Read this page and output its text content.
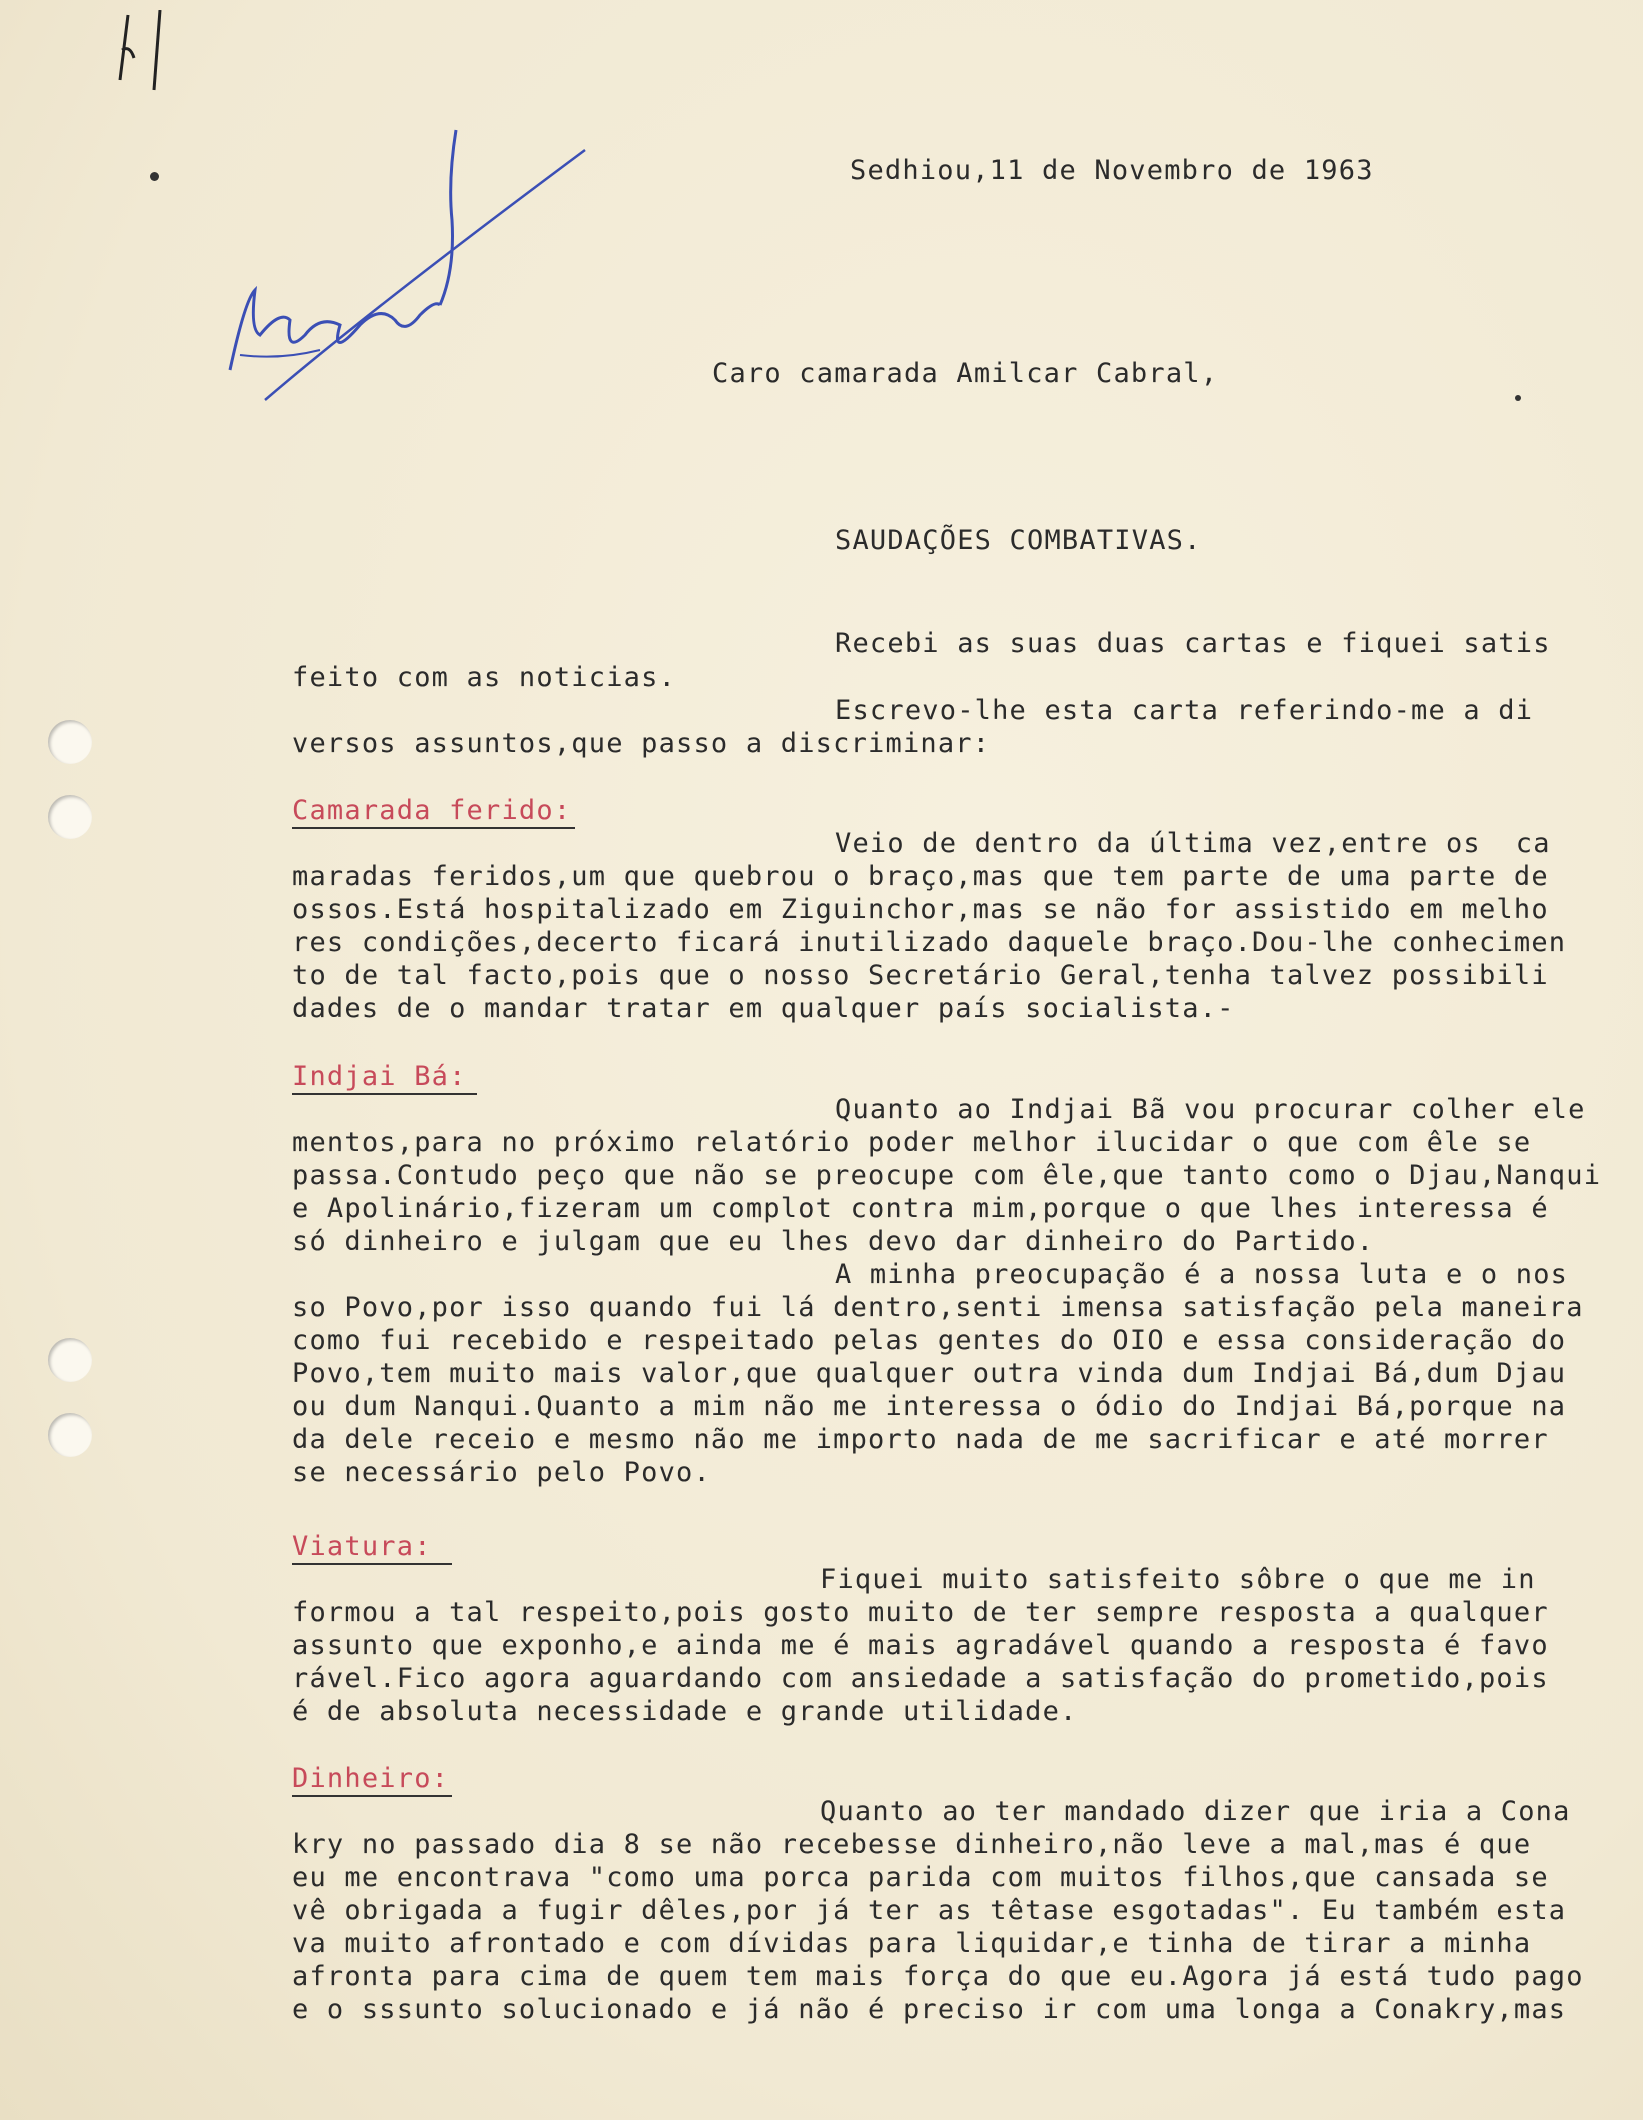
Sedhiou,11 de Novembro de 1963
Caro camarada Amilcar Cabral,
SAUDAÇÕES COMBATIVAS.
Recebi as suas duas cartas e fiquei satis
feito com as noticias.
Escrevo-lhe esta carta referindo-me a di
versos assuntos,que passo a discriminar:
Camarada ferido:
Veio de dentro da última vez,entre os  ca
maradas feridos,um que quebrou o braço,mas que tem parte de uma parte de
ossos.Está hospitalizado em Ziguinchor,mas se não for assistido em melho
res condições,decerto ficará inutilizado daquele braço.Dou-lhe conhecimen
to de tal facto,pois que o nosso Secretário Geral,tenha talvez possibili
dades de o mandar tratar em qualquer país socialista.-
Indjai Bá:
Quanto ao Indjai Bã vou procurar colher ele
mentos,para no próximo relatório poder melhor ilucidar o que com êle se
passa.Contudo peço que não se preocupe com êle,que tanto como o Djau,Nanqui
e Apolinário,fizeram um complot contra mim,porque o que lhes interessa é
só dinheiro e julgam que eu lhes devo dar dinheiro do Partido.
A minha preocupação é a nossa luta e o nos
so Povo,por isso quando fui lá dentro,senti imensa satisfação pela maneira
como fui recebido e respeitado pelas gentes do OIO e essa consideração do
Povo,tem muito mais valor,que qualquer outra vinda dum Indjai Bá,dum Djau
ou dum Nanqui.Quanto a mim não me interessa o ódio do Indjai Bá,porque na
da dele receio e mesmo não me importo nada de me sacrificar e até morrer
se necessário pelo Povo.
Viatura:
Fiquei muito satisfeito sôbre o que me in
formou a tal respeito,pois gosto muito de ter sempre resposta a qualquer
assunto que exponho,e ainda me é mais agradável quando a resposta é favo
rável.Fico agora aguardando com ansiedade a satisfação do prometido,pois
é de absoluta necessidade e grande utilidade.
Dinheiro:
Quanto ao ter mandado dizer que iria a Cona
kry no passado dia 8 se não recebesse dinheiro,não leve a mal,mas é que
eu me encontrava "como uma porca parida com muitos filhos,que cansada se
vê obrigada a fugir dêles,por já ter as têtase esgotadas". Eu também esta
va muito afrontado e com dívidas para liquidar,e tinha de tirar a minha
afronta para cima de quem tem mais força do que eu.Agora já está tudo pago
e o sssunto solucionado e já não é preciso ir com uma longa a Conakry,mas
